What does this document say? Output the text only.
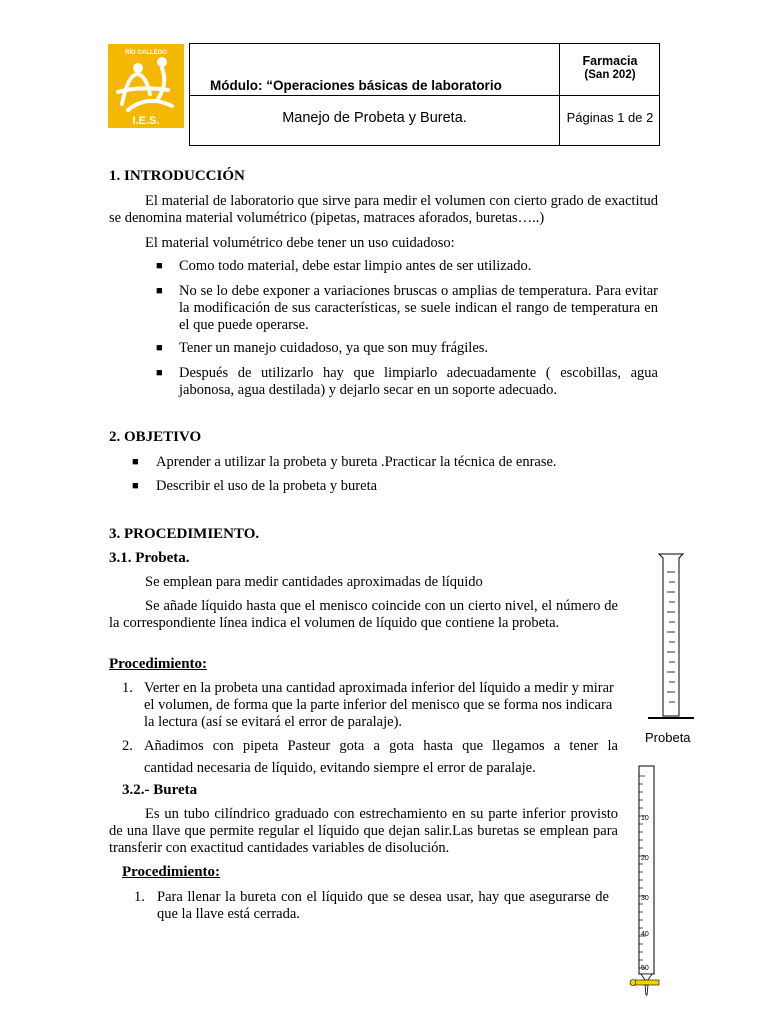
RÍO GALLEGO
I.E.S.
Módulo: “Operaciones básicas de laboratorio
Manejo de Probeta y Bureta.
Farmacia
(San 202)
Páginas 1 de 2
1. INTRODUCCIÓN
El material de laboratorio que sirve para medir el volumen con cierto grado de exactitud se denomina material volumétrico (pipetas, matraces aforados, buretas…..)
El material volumétrico debe tener un uso cuidadoso:
■ Como todo material, debe estar limpio antes de ser utilizado.
■ No se lo debe exponer a variaciones bruscas o amplias de temperatura. Para evitar la modificación de sus características, se suele indican el rango de temperatura en el que puede operarse.
■ Tener un manejo cuidadoso, ya que son muy frágiles.
■ Después de utilizarlo hay que limpiarlo adecuadamente ( escobillas, agua jabonosa, agua destilada) y dejarlo secar en un soporte adecuado.
2. OBJETIVO
■ Aprender a utilizar la probeta y bureta .Practicar la técnica de enrase.
■ Describir el uso de la probeta y bureta
3. PROCEDIMIENTO.
3.1. Probeta.
Se emplean para medir cantidades aproximadas de líquido
Se añade líquido hasta que el menisco coincide con un cierto nivel, el número de la correspondiente línea indica el volumen de líquido que contiene la probeta.
Procedimiento:
1. Verter en la probeta una cantidad aproximada inferior del líquido a medir y mirar el volumen, de forma que la parte inferior del menisco que se forma nos indicara la lectura (así se evitará el error de paralaje).
2. Añadimos con pipeta Pasteur gota a gota hasta que llegamos a tener la
cantidad necesaria de líquido, evitando siempre el error de paralaje.
Probeta
3.2.- Bureta
Es un tubo cilíndrico graduado con estrechamiento en su parte inferior provisto de una llave que permite regular el líquido que dejan salir.Las buretas se emplean para transferir con exactitud cantidades variables de disolución.
Procedimiento:
1. Para llenar la bureta con el líquido que se desea usar, hay que asegurarse de que la llave está cerrada.
10
20
30
40
50
